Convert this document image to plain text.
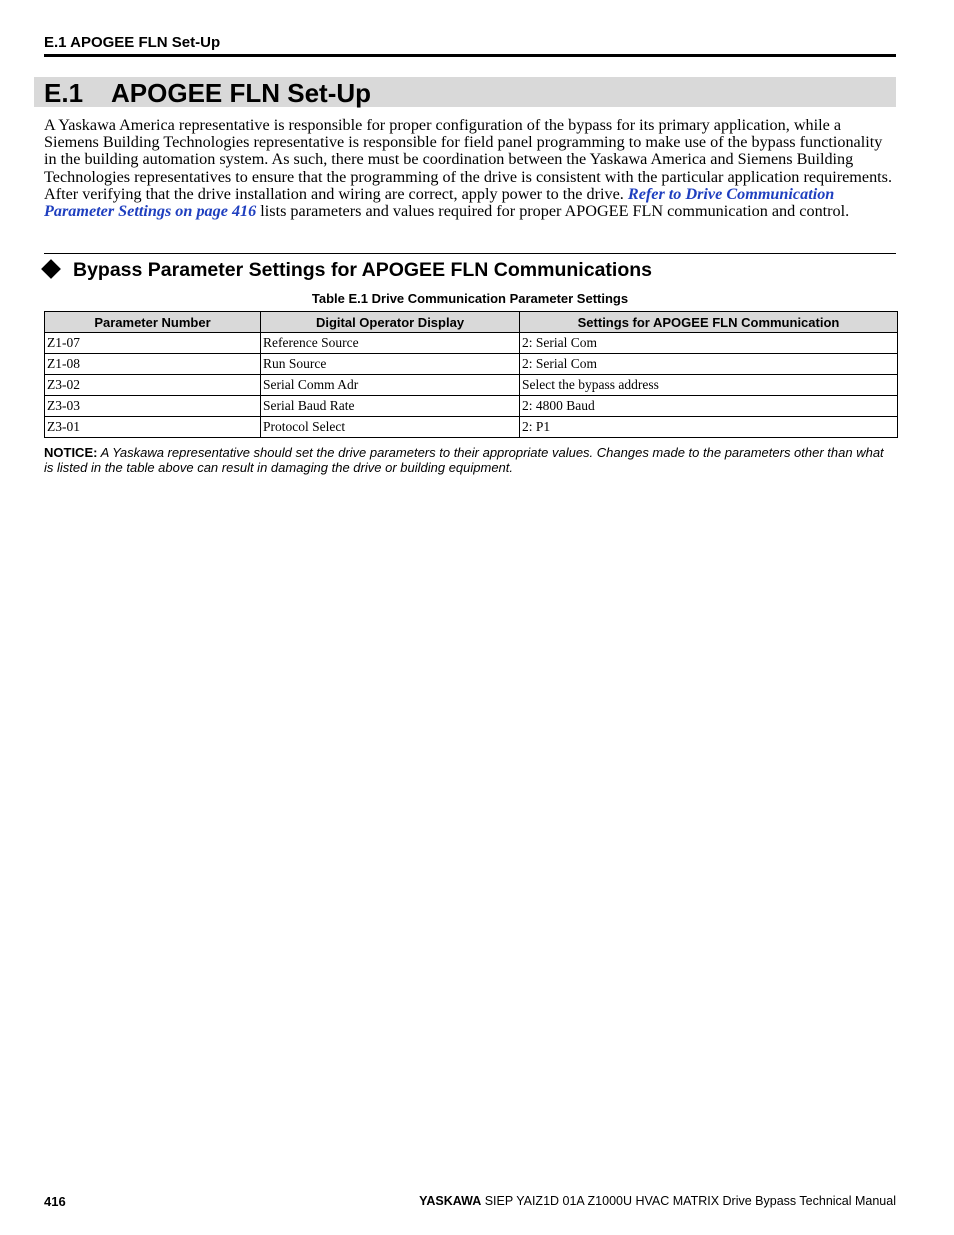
E.1 APOGEE FLN Set-Up
E.1 APOGEE FLN Set-Up

A Yaskawa America representative is responsible for proper configuration of the bypass for its primary application, while a Siemens Building Technologies representative is responsible for field panel programming to make use of the bypass functionality in the building automation system. As such, there must be coordination between the Yaskawa America and Siemens Building Technologies representatives to ensure that the programming of the drive is consistent with the particular application requirements. After verifying that the drive installation and wiring are correct, apply power to the drive. Refer to Drive Communication Parameter Settings on page 416 lists parameters and values required for proper APOGEE FLN communication and control.

Bypass Parameter Settings for APOGEE FLN Communications
Table E.1 Drive Communication Parameter Settings
Parameter Number	Digital Operator Display	Settings for APOGEE FLN Communication
Z1-07	Reference Source	2: Serial Com
Z1-08	Run Source	2: Serial Com
Z3-02	Serial Comm Adr	Select the bypass address
Z3-03	Serial Baud Rate	2: 4800 Baud
Z3-01	Protocol Select	2: P1
NOTICE: A Yaskawa representative should set the drive parameters to their appropriate values. Changes made to the parameters other than what is listed in the table above can result in damaging the drive or building equipment.
416	YASKAWA SIEP YAIZ1D 01A Z1000U HVAC MATRIX Drive Bypass Technical Manual
